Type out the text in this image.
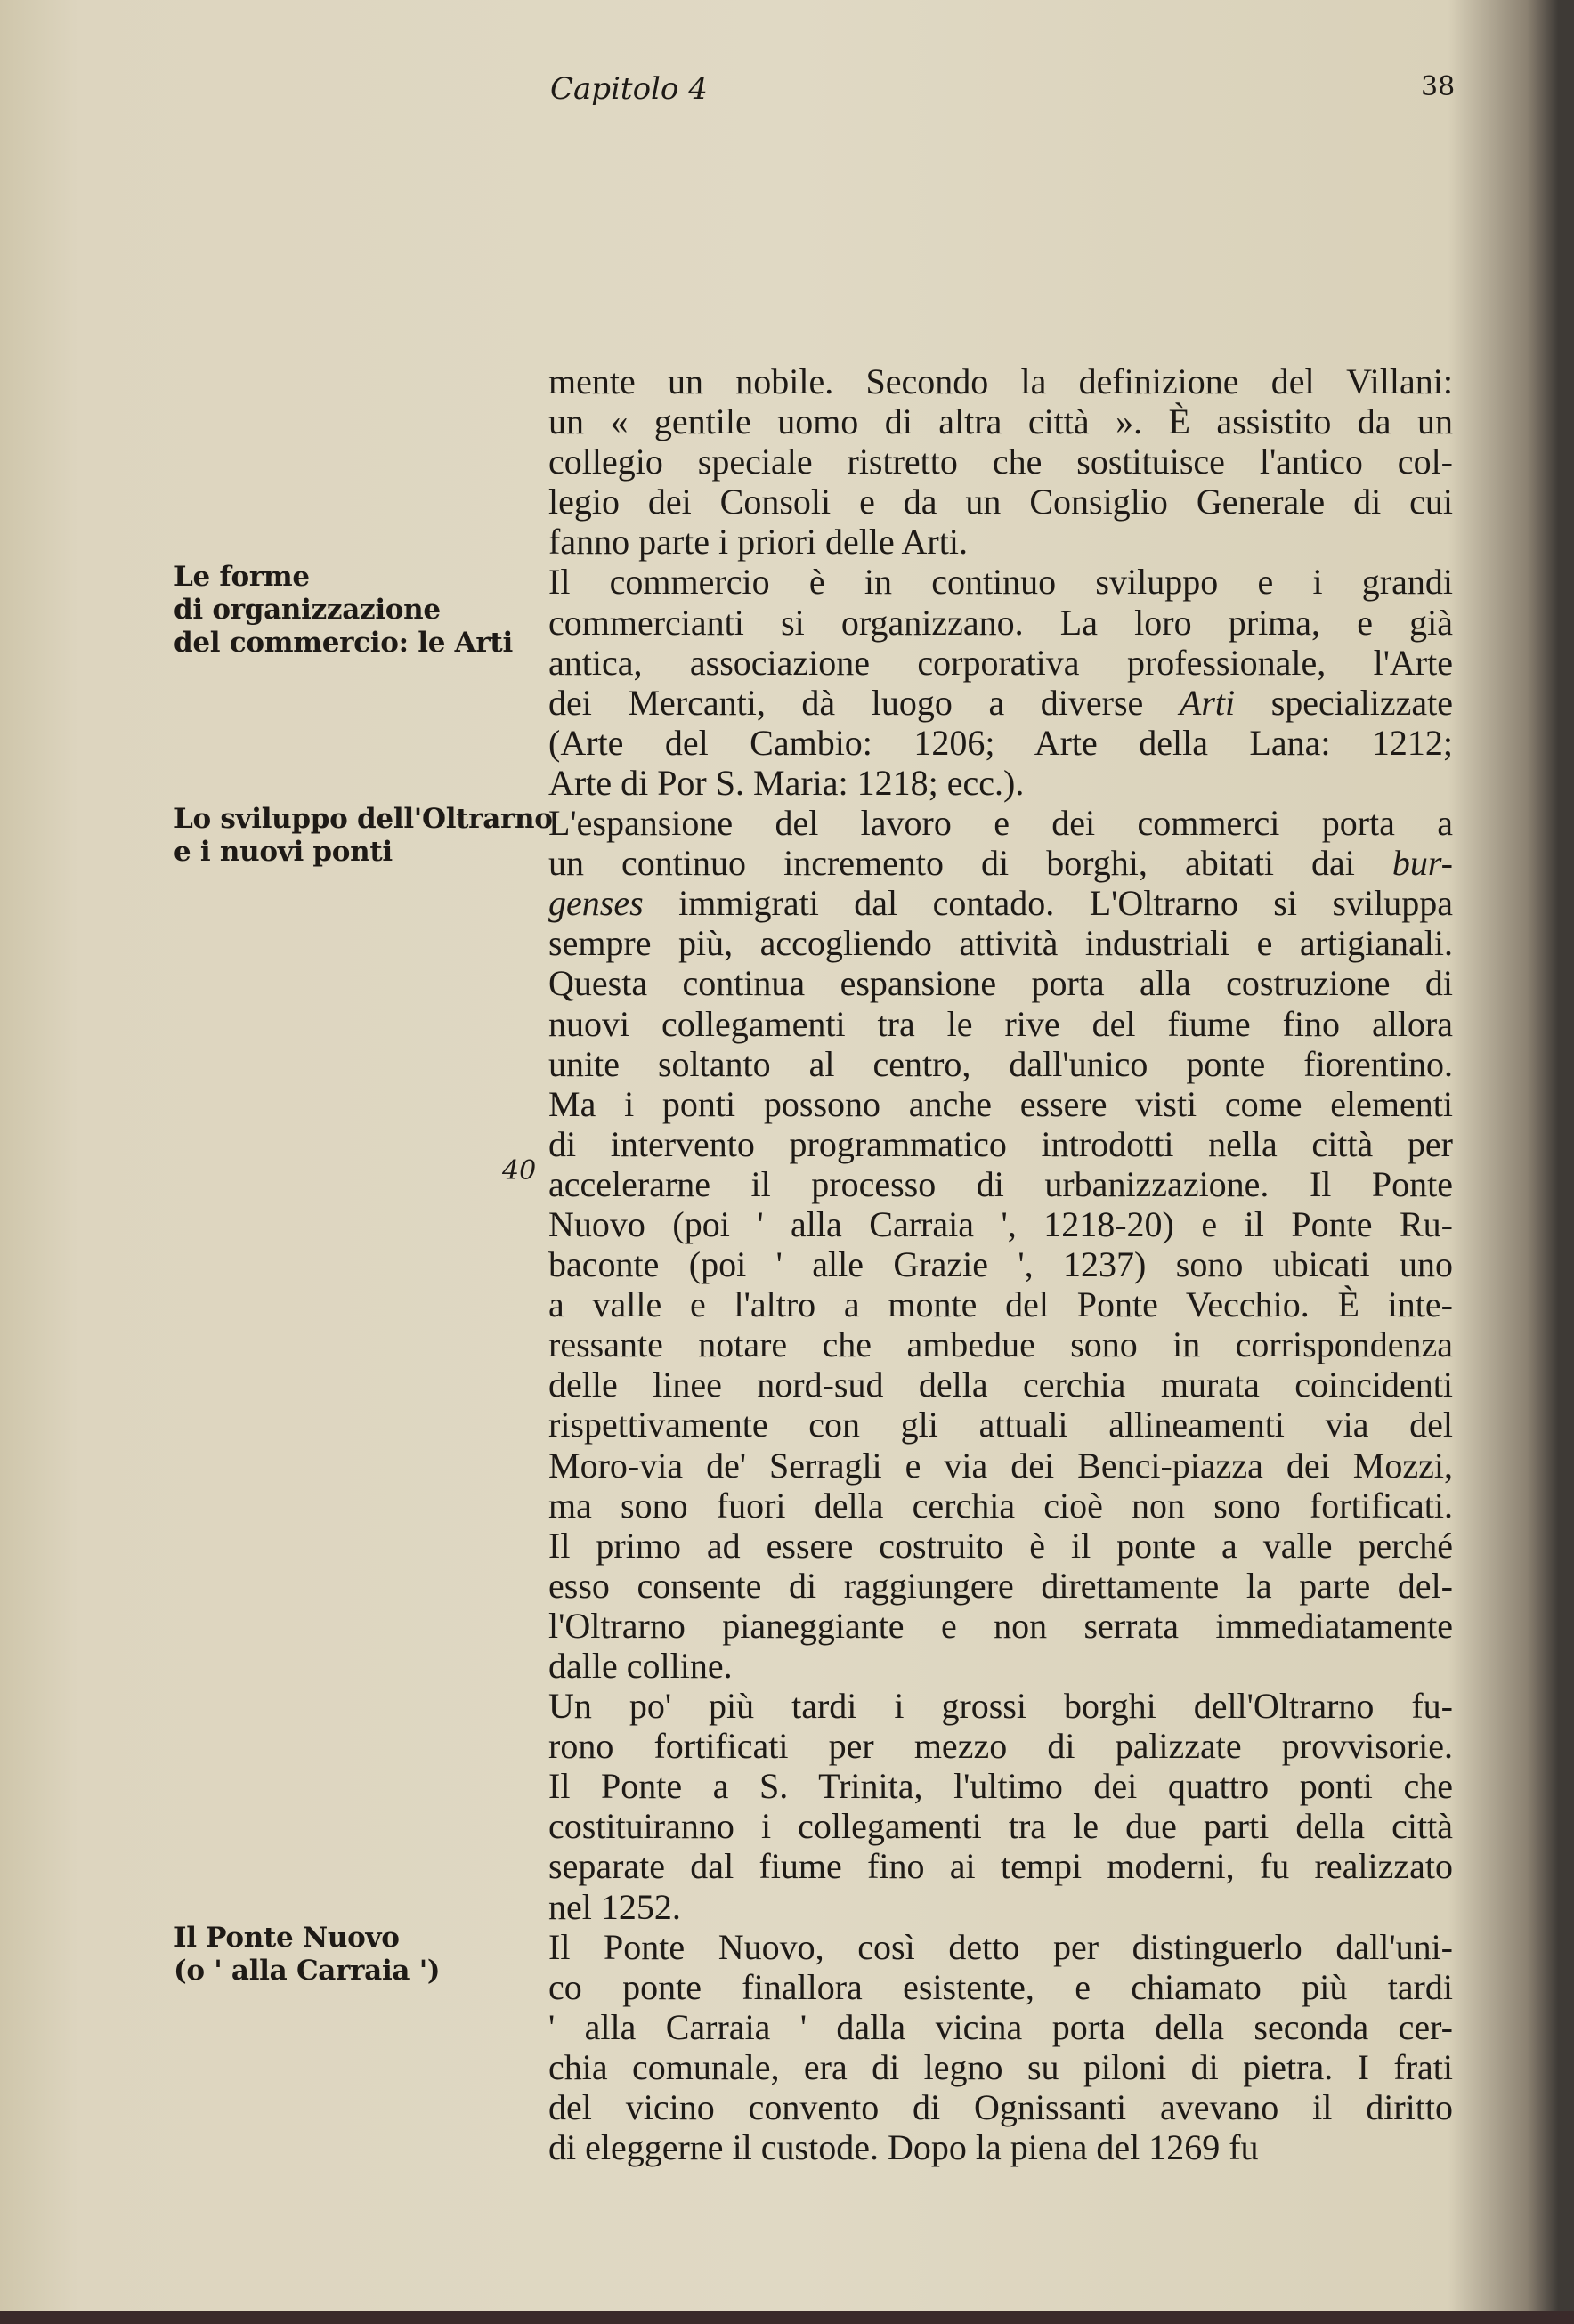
Capitolo 4	38
Le forme
di organizzazione
del commercio: le Arti
Lo sviluppo dell'Oltrarno
e i nuovi ponti
Il Ponte Nuovo
(o ' alla Carraia ')
40
mente un nobile. Secondo la definizione del Villani:
un « gentile uomo di altra città ». È assistito da un
collegio speciale ristretto che sostituisce l'antico col-
legio dei Consoli e da un Consiglio Generale di cui
fanno parte i priori delle Arti.
Il commercio è in continuo sviluppo e i grandi
commercianti si organizzano. La loro prima, e già
antica, associazione corporativa professionale, l'Arte
dei Mercanti, dà luogo a diverse Arti specializzate
(Arte del Cambio: 1206; Arte della Lana: 1212;
Arte di Por S. Maria: 1218; ecc.).
L'espansione del lavoro e dei commerci porta a
un continuo incremento di borghi, abitati dai bur-
genses immigrati dal contado. L'Oltrarno si sviluppa
sempre più, accogliendo attività industriali e artigianali.
Questa continua espansione porta alla costruzione di
nuovi collegamenti tra le rive del fiume fino allora
unite soltanto al centro, dall'unico ponte fiorentino.
Ma i ponti possono anche essere visti come elementi
di intervento programmatico introdotti nella città per
accelerarne il processo di urbanizzazione. Il Ponte
Nuovo (poi ' alla Carraia ', 1218-20) e il Ponte Ru-
baconte (poi ' alle Grazie ', 1237) sono ubicati uno
a valle e l'altro a monte del Ponte Vecchio. È inte-
ressante notare che ambedue sono in corrispondenza
delle linee nord-sud della cerchia murata coincidenti
rispettivamente con gli attuali allineamenti via del
Moro-via de' Serragli e via dei Benci-piazza dei Mozzi,
ma sono fuori della cerchia cioè non sono fortificati.
Il primo ad essere costruito è il ponte a valle perché
esso consente di raggiungere direttamente la parte del-
l'Oltrarno pianeggiante e non serrata immediatamente
dalle colline.
Un po' più tardi i grossi borghi dell'Oltrarno fu-
rono fortificati per mezzo di palizzate provvisorie.
Il Ponte a S. Trinita, l'ultimo dei quattro ponti che
costituiranno i collegamenti tra le due parti della città
separate dal fiume fino ai tempi moderni, fu realizzato
nel 1252.
Il Ponte Nuovo, così detto per distinguerlo dall'uni-
co ponte finallora esistente, e chiamato più tardi
' alla Carraia ' dalla vicina porta della seconda cer-
chia comunale, era di legno su piloni di pietra. I frati
del vicino convento di Ognissanti avevano il diritto
di eleggerne il custode. Dopo la piena del 1269 fu
